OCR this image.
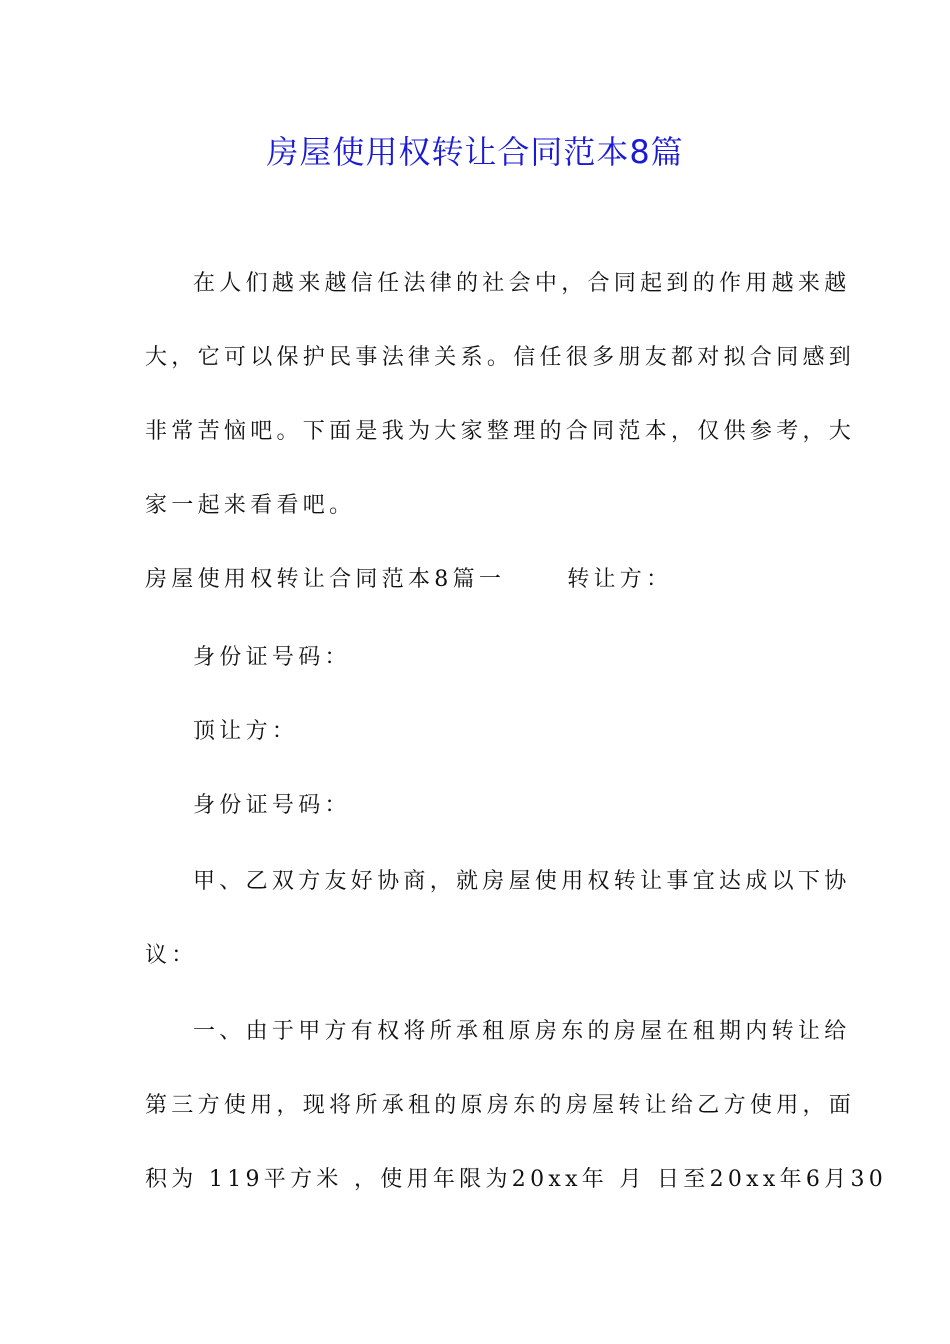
房屋使用权转让合同范本8篇
在人们越来越信任法律的社会中，合同起到的作用越来越
大，它可以保护民事法律关系。信任很多朋友都对拟合同感到
非常苦恼吧。下面是我为大家整理的合同范本，仅供参考，大
家一起来看看吧。
房屋使用权转让合同范本8篇一	转让方：
身份证号码：
顶让方：
身份证号码：
甲、乙双方友好协商，就房屋使用权转让事宜达成以下协
议：
一、由于甲方有权将所承租原房东的房屋在租期内转让给
第三方使用，现将所承租的原房东的房屋转让给乙方使用，面
积为 119平方米 ，使用年限为20xx年 月 日至20xx年6月30
